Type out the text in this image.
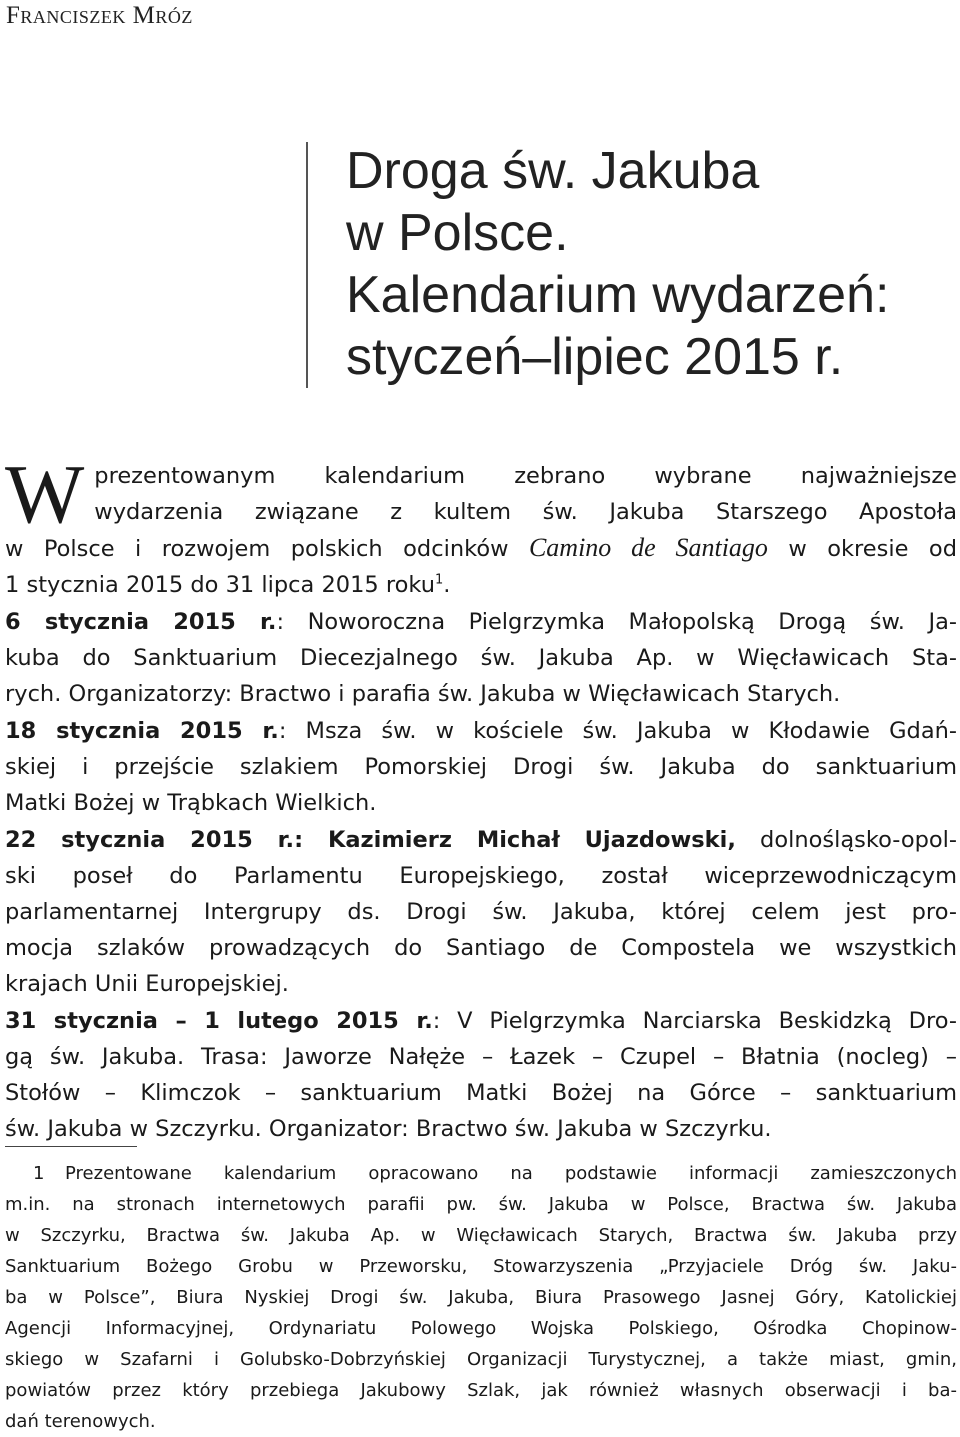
Franciszek Mróz
Droga św. Jakuba
w Polsce.
Kalendarium wydarzeń:
styczeń–lipiec 2015 r.
W prezentowanym kalendarium zebrano wybrane najważniejsze
wydarzenia związane z kultem św. Jakuba Starszego Apostoła
w Polsce i rozwojem polskich odcinków Camino de Santiago w okresie od
1 stycznia 2015 do 31 lipca 2015 roku$^1$.
6 stycznia 2015 r.: Noworoczna Pielgrzymka Małopolską Drogą św. Ja-
kuba do Sanktuarium Diecezjalnego św. Jakuba Ap. w Więcławicach Sta-
rych. Organizatorzy: Bractwo i parafia św. Jakuba w Więcławicach Starych.
18 stycznia 2015 r.: Msza św. w kościele św. Jakuba w Kłodawie Gdań-
skiej i przejście szlakiem Pomorskiej Drogi św. Jakuba do sanktuarium
Matki Bożej w Trąbkach Wielkich.
22 stycznia 2015 r.: Kazimierz Michał Ujazdowski, dolnośląsko-opol-
ski poseł do Parlamentu Europejskiego, został wiceprzewodniczącym
parlamentarnej Intergrupy ds. Drogi św. Jakuba, której celem jest pro-
mocja szlaków prowadzących do Santiago de Compostela we wszystkich
krajach Unii Europejskiej.
31 stycznia – 1 lutego 2015 r.: V Pielgrzymka Narciarska Beskidzką Dro-
gą św. Jakuba. Trasa: Jaworze Nałęże – Łazek – Czupel – Błatnia (nocleg) –
Stołów – Klimczok – sanktuarium Matki Bożej na Górce – sanktuarium
św. Jakuba w Szczyrku. Organizator: Bractwo św. Jakuba w Szczyrku.
1 Prezentowane kalendarium opracowano na podstawie informacji zamieszczonych
m.in. na stronach internetowych parafii pw. św. Jakuba w Polsce, Bractwa św. Jakuba
w Szczyrku, Bractwa św. Jakuba Ap. w Więcławicach Starych, Bractwa św. Jakuba przy
Sanktuarium Bożego Grobu w Przeworsku, Stowarzyszenia „Przyjaciele Dróg św. Jaku-
ba w Polsce”, Biura Nyskiej Drogi św. Jakuba, Biura Prasowego Jasnej Góry, Katolickiej
Agencji Informacyjnej, Ordynariatu Polowego Wojska Polskiego, Ośrodka Chopinow-
skiego w Szafarni i Golubsko-Dobrzyńskiej Organizacji Turystycznej, a także miast, gmin,
powiatów przez który przebiega Jakubowy Szlak, jak również własnych obserwacji i ba-
dań terenowych.
